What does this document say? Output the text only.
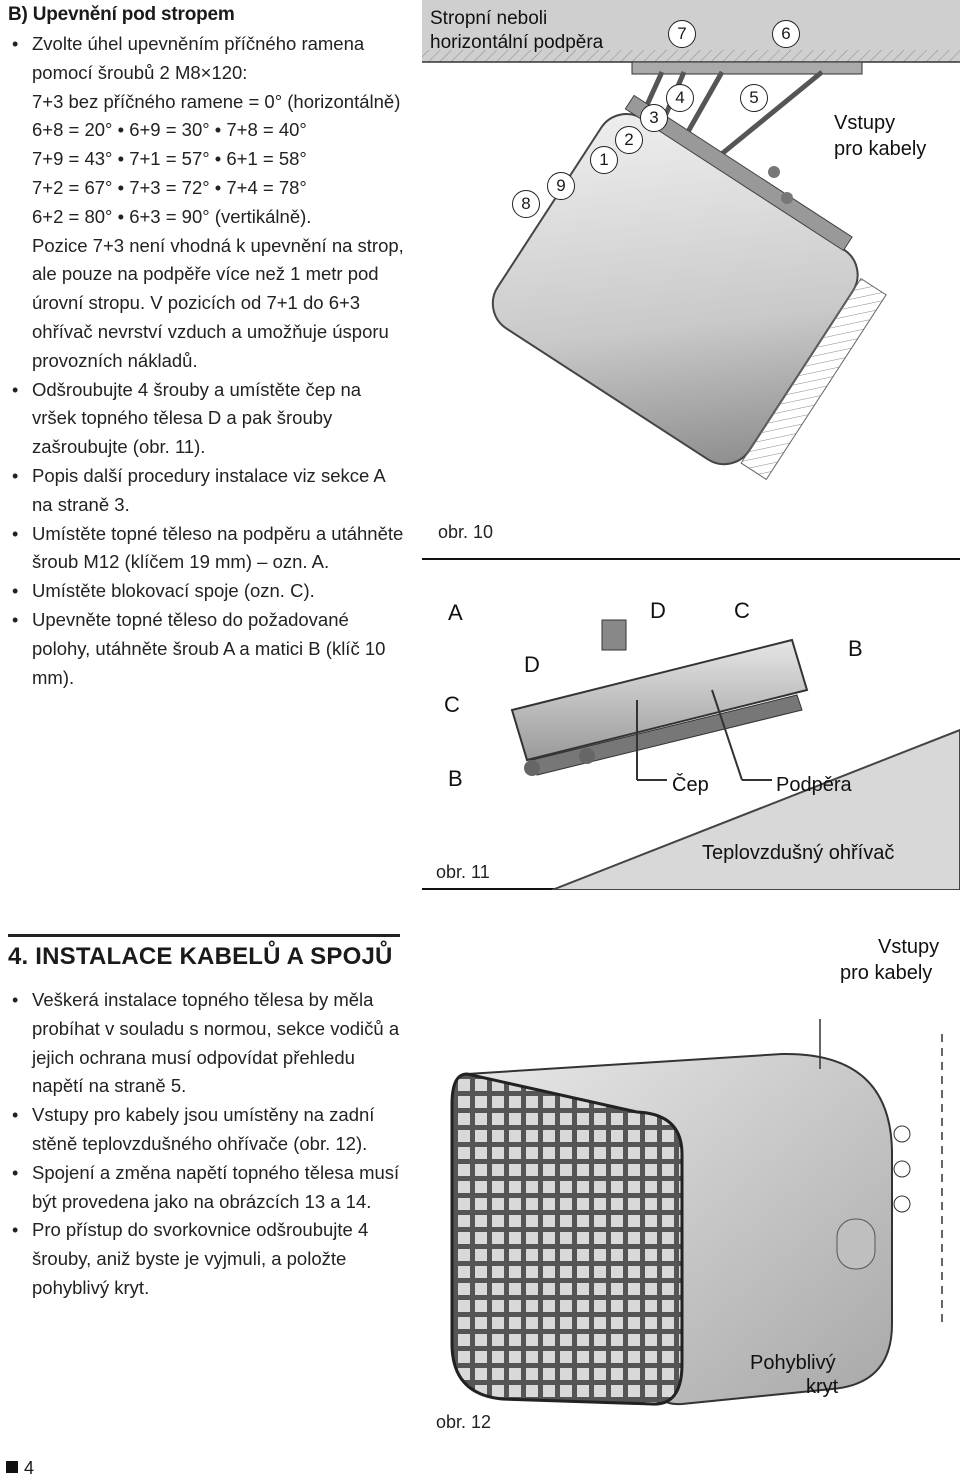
B) Upevnění pod stropem
• Zvolte úhel upevněním příčného ramena pomocí šroubů 2 M8×120:
7+3 bez příčného ramene = 0° (horizontálně)
6+8 = 20° • 6+9 = 30° • 7+8 = 40°
7+9 = 43° • 7+1 = 57° • 6+1 = 58°
7+2 = 67° • 7+3 = 72° • 7+4 = 78°
6+2 = 80° • 6+3 = 90° (vertikálně).
Pozice 7+3 není vhodná k upevnění na strop, ale pouze na podpěře více než 1 metr pod úrovní stropu. V pozicích od 7+1 do 6+3 ohřívač nevrství vzduch a umožňuje úsporu provozních nákladů.
• Odšroubujte 4 šrouby a umístěte čep na vršek topného tělesa D a pak šrouby zašroubujte (obr. 11).
• Popis další procedury instalace viz sekce A na straně 3.
• Umístěte topné těleso na podpěru a utáhněte šroub M12 (klíčem 19 mm) – ozn. A.
• Umístěte blokovací spoje (ozn. C).
• Upevněte topné těleso do požadované polohy, utáhněte šroub A a matici B (klíč 10 mm).
4. INSTALACE KABELŮ A SPOJŮ
• Veškerá instalace topného tělesa by měla probíhat v souladu s normou, sekce vodičů a jejich ochrana musí odpovídat přehledu napětí na straně 5.
• Vstupy pro kabely jsou umístěny na zadní stěně teplovzdušného ohřívače (obr. 12).
• Spojení a změna napětí topného tělesa musí být provedena jako na obrázcích 13 a 14.
• Pro přístup do svorkovnice odšroubujte 4 šrouby, aniž byste je vyjmuli, a položte pohyblivý kryt.
Stropní neboli
horizontální podpěra
Vstupy
pro kabely
1
2
3
4	5
6
7
8
9
obr. 10
A	D	C
B
D
C
B	Čep	Podpěra
Teplovzdušný ohřívač
obr. 11
Vstupy
pro kabely
Pohyblivý
kryt
obr. 12
4
